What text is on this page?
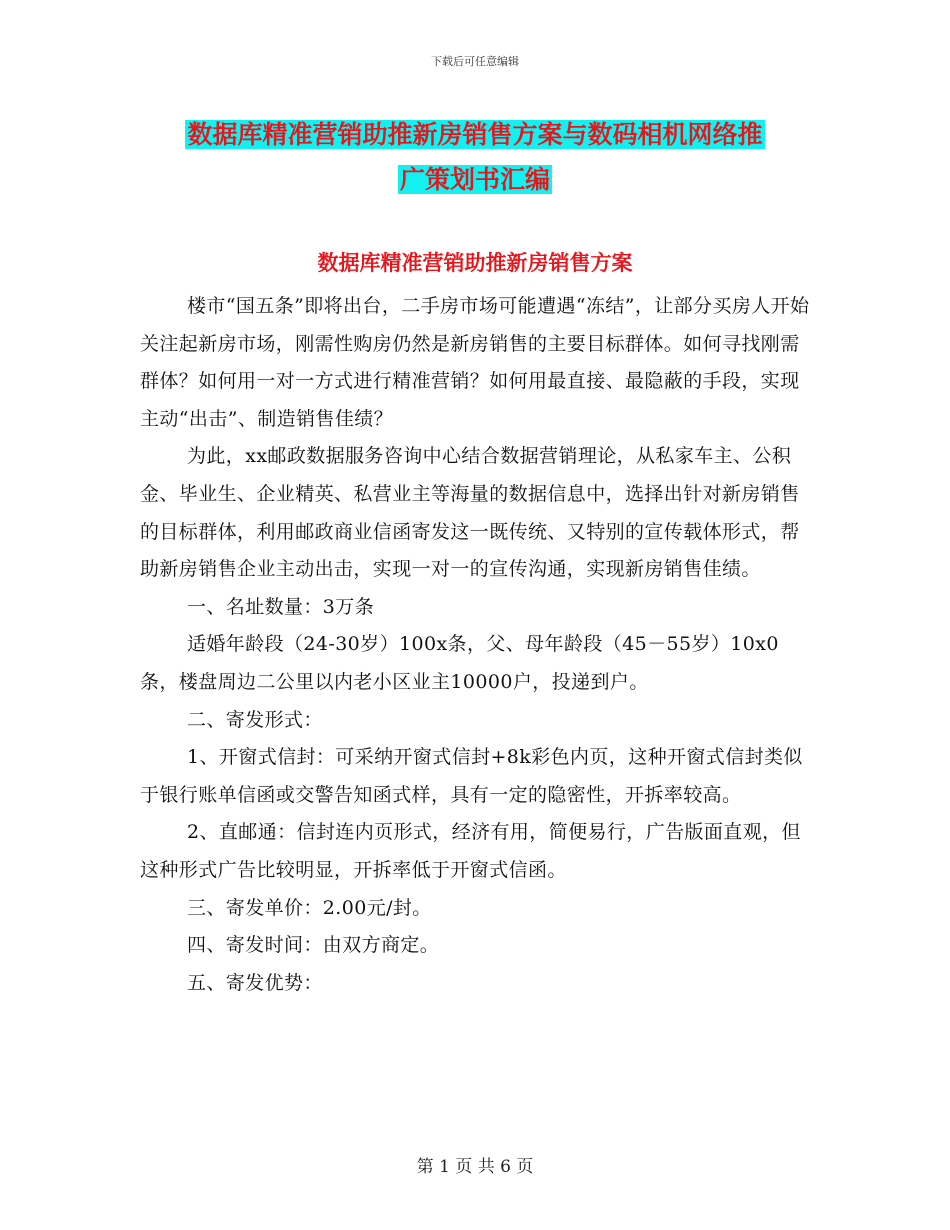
下载后可任意编辑
数据库精准营销助推新房销售方案与数码相机网络推
广策划书汇编
数据库精准营销助推新房销售方案

楼市“国五条”即将出台，二手房市场可能遭遇“冻结”，让部分买房人开始关注起新房市场，刚需性购房仍然是新房销售的主要目标群体。如何寻找刚需群体？如何用一对一方式进行精准营销？如何用最直接、最隐蔽的手段，实现主动“出击”、制造销售佳绩？

为此，xx邮政数据服务咨询中心结合数据营销理论，从私家车主、公积金、毕业生、企业精英、私营业主等海量的数据信息中，选择出针对新房销售的目标群体，利用邮政商业信函寄发这一既传统、又特别的宣传载体形式，帮助新房销售企业主动出击，实现一对一的宣传沟通，实现新房销售佳绩。

一、名址数量：3万条

适婚年龄段（24-30岁）100x条，父、母年龄段（45－55岁）10x0条，楼盘周边二公里以内老小区业主10000户，投递到户。

二、寄发形式：

1、开窗式信封：可采纳开窗式信封+8k彩色内页，这种开窗式信封类似于银行账单信函或交警告知函式样，具有一定的隐密性，开拆率较高。

2、直邮通：信封连内页形式，经济有用，简便易行，广告版面直观，但这种形式广告比较明显，开拆率低于开窗式信函。

三、寄发单价：2.00元/封。

四、寄发时间：由双方商定。

五、寄发优势：

第 1 页 共 6 页
